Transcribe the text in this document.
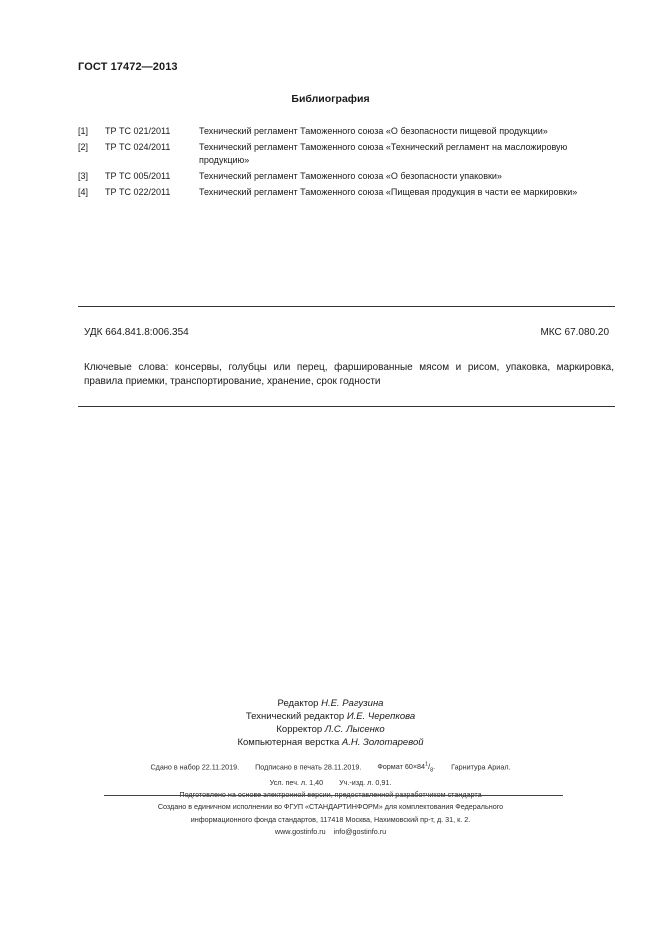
ГОСТ 17472—2013
Библиография
[1]	ТР ТС 021/2011	Технический регламент Таможенного союза «О безопасности пищевой продукции»
[2]	ТР ТС 024/2011	Технический регламент Таможенного союза «Технический регламент на масложировую продукцию»
[3]	ТР ТС 005/2011	Технический регламент Таможенного союза «О безопасности упаковки»
[4]	ТР ТС 022/2011	Технический регламент Таможенного союза «Пищевая продукция в части ее маркировки»
УДК 664.841.8:006.354	МКС 67.080.20
Ключевые слова: консервы, голубцы или перец, фаршированные мясом и рисом, упаковка, маркировка, правила приемки, транспортирование, хранение, срок годности
Редактор Н.Е. Рагузина
Технический редактор И.Е. Черепкова
Корректор Л.С. Лысенко
Компьютерная верстка А.Н. Золотаревой
Сдано в набор 22.11.2019. Подписано в печать 28.11.2019. Формат $60\times 84^1/_8$. Гарнитура Ариал.
Усл. печ. л. 1,40 Уч.-изд. л. 0,91.
Подготовлено на основе электронной версии, предоставленной разработчиком стандарта
Создано в единичном исполнении во ФГУП «СТАНДАРТИНФОРМ» для комплектования Федерального
информационного фонда стандартов, 117418 Москва, Нахимовский пр-т, д. 31, к. 2.
www.gostinfo.ru info@gostinfo.ru
